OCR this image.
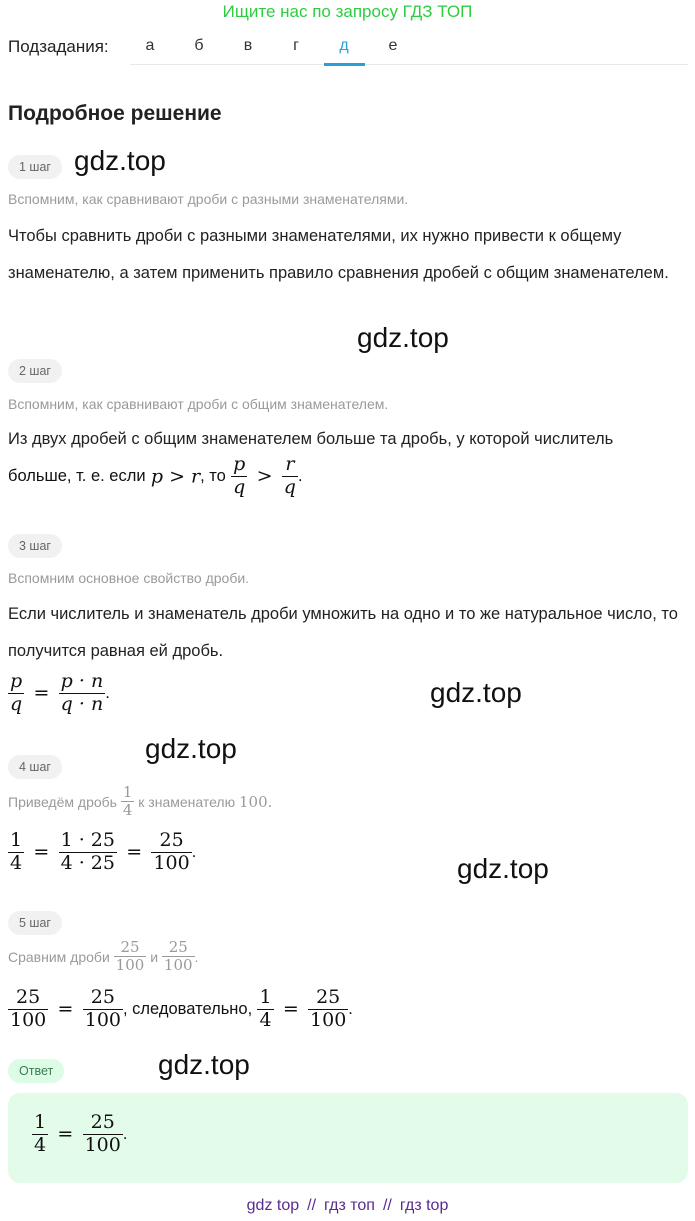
Ищите нас по запросу ГДЗ ТОП
Подзадания:	а	б	в	г	д	е
Подробное решение
1 шаг gdz.top
Вспомним, как сравнивают дроби с разными знаменателями.
Чтобы сравнить дроби с разными знаменателями, их нужно привести к общему знаменателю, а затем применить правило сравнения дробей с общим знаменателем.
gdz.top
2 шаг
Вспомним, как сравнивают дроби с общим знаменателем.
Из двух дробей с общим знаменателем больше та дробь, у которой числитель
больше, т. е. если p > r, то $\frac{p}{q} > \frac{r}{q}$ .
3 шаг
Вспомним основное свойство дроби.
Если числитель и знаменатель дроби умножить на одно и то же натуральное число, то получится равная ей дробь.
$\frac{p}{q} = \frac{p \cdot n}{q \cdot n}$ .	gdz.top
gdz.top
4 шаг
Приведём дробь $\frac{1}{4}$ к знаменателю 100.
$\frac{1}{4} = \frac{1 \cdot 25}{4 \cdot 25} = \frac{25}{100}$ .
gdz.top
5 шаг
Сравним дроби $\frac{25}{100}$ и $\frac{25}{100}$ .
$\frac{25}{100} = \frac{25}{100}$ , следовательно, $\frac{1}{4} = \frac{25}{100}$ .
Ответ	gdz.top
$\frac{1}{4} = \frac{25}{100}$ .
gdz top // гдз топ // гдз top
